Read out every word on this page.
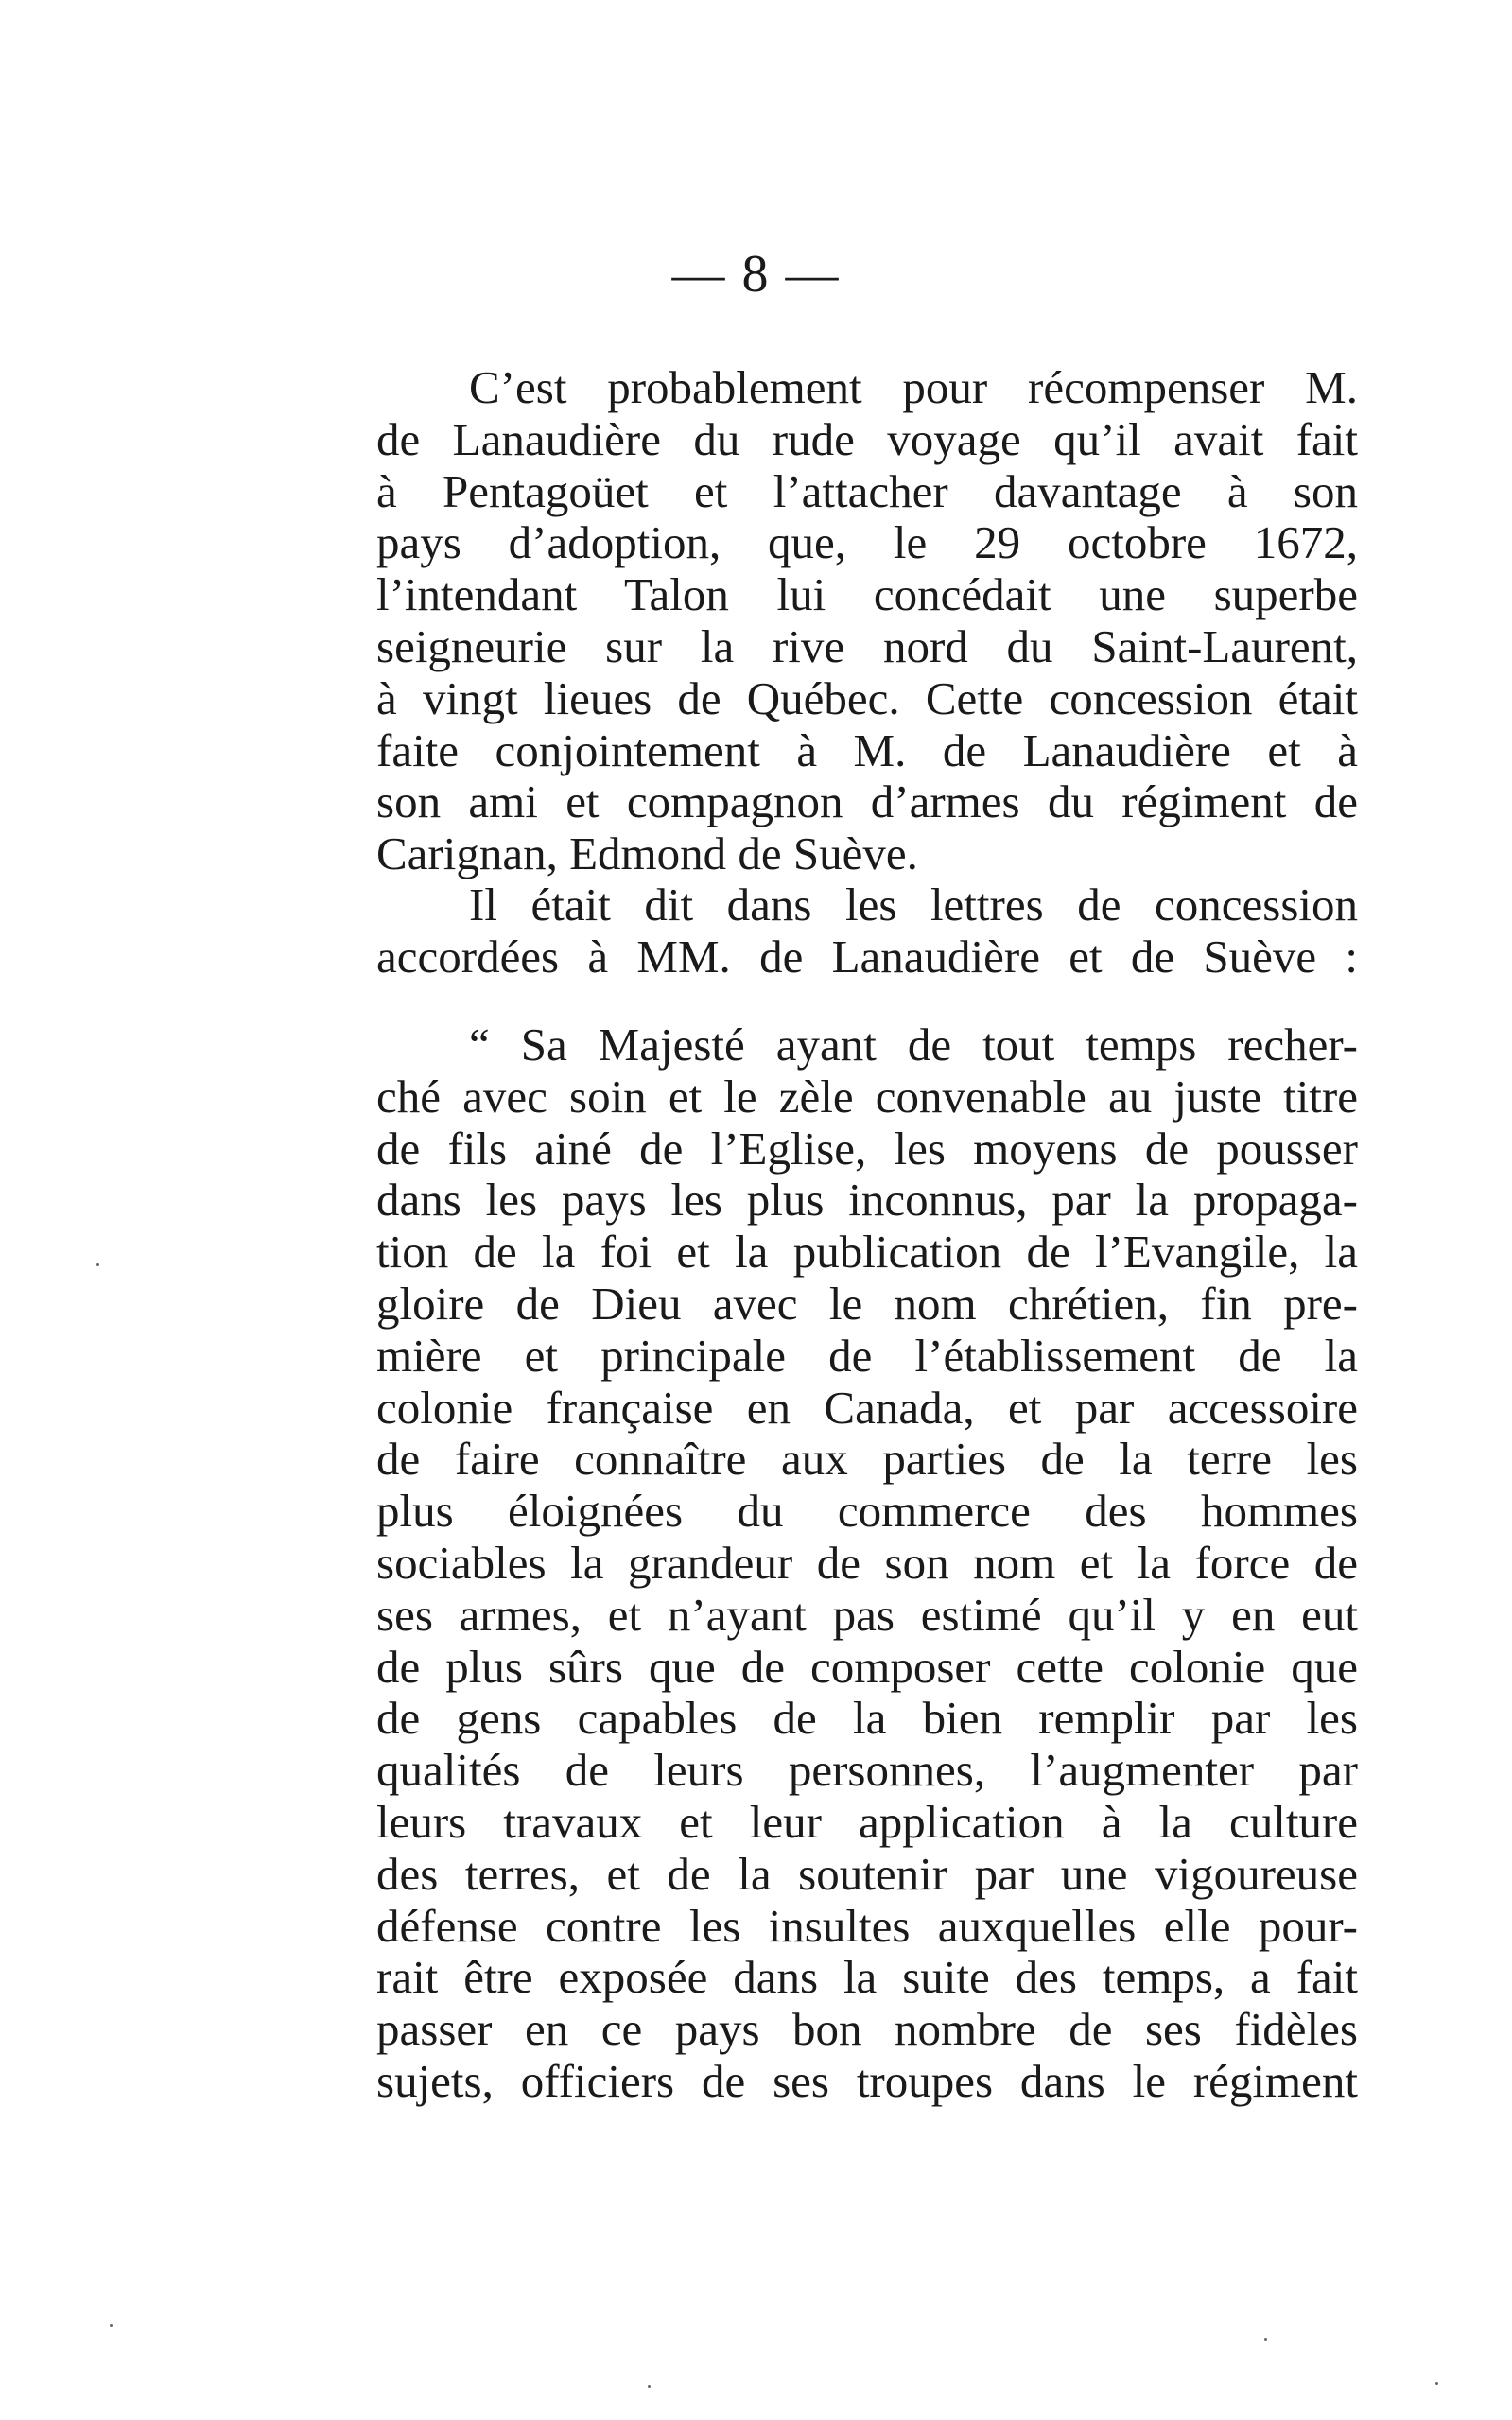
— 8 —
C’est probablement pour récompenser M.
de Lanaudière du rude voyage qu’il avait fait
à Pentagoüet et l’attacher davantage à son
pays d’adoption, que, le 29 octobre 1672,
l’intendant Talon lui concédait une superbe
seigneurie sur la rive nord du Saint-Laurent,
à vingt lieues de Québec. Cette concession était
faite conjointement à M. de Lanaudière et à
son ami et compagnon d’armes du régiment de
Carignan, Edmond de Suève.
Il était dit dans les lettres de concession
accordées à MM. de Lanaudière et de Suève :
“ Sa Majesté ayant de tout temps recher-
ché avec soin et le zèle convenable au juste titre
de fils ainé de l’Eglise, les moyens de pousser
dans les pays les plus inconnus, par la propaga-
tion de la foi et la publication de l’Evangile, la
gloire de Dieu avec le nom chrétien, fin pre-
mière et principale de l’établissement de la
colonie française en Canada, et par accessoire
de faire connaître aux parties de la terre les
plus éloignées du commerce des hommes
sociables la grandeur de son nom et la force de
ses armes, et n’ayant pas estimé qu’il y en eut
de plus sûrs que de composer cette colonie que
de gens capables de la bien remplir par les
qualités de leurs personnes, l’augmenter par
leurs travaux et leur application à la culture
des terres, et de la soutenir par une vigoureuse
défense contre les insultes auxquelles elle pour-
rait être exposée dans la suite des temps, a fait
passer en ce pays bon nombre de ses fidèles
sujets, officiers de ses troupes dans le régiment
